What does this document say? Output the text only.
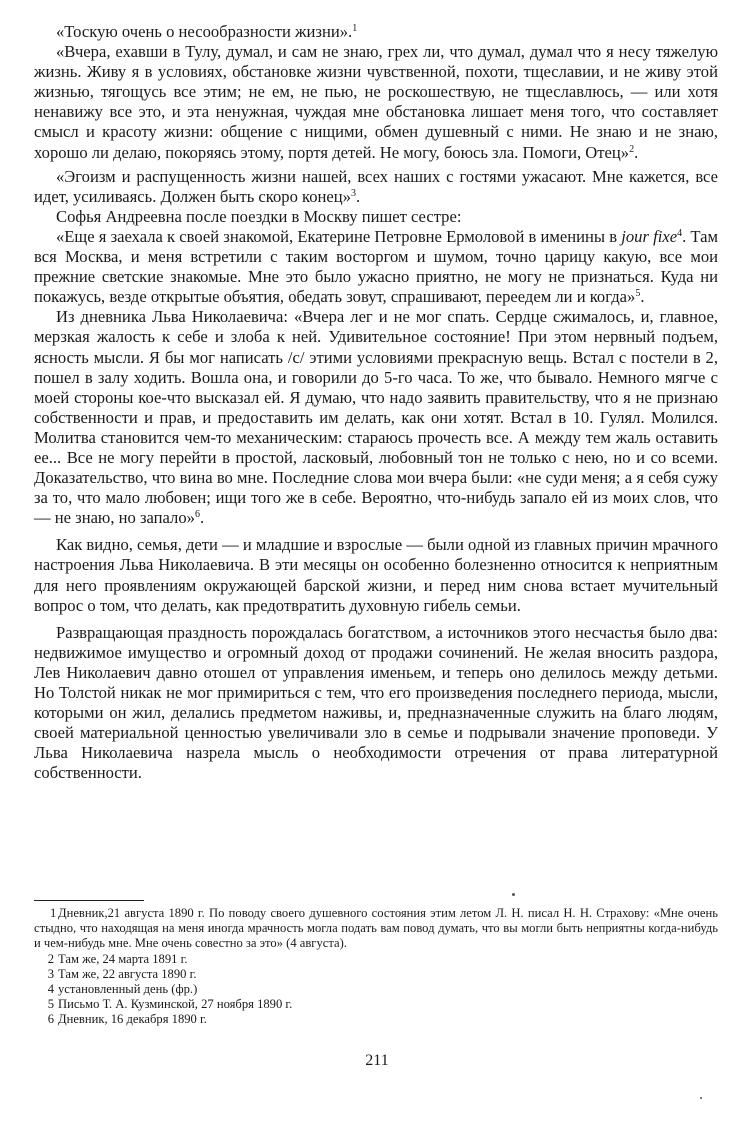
«Тоскую очень о несообразности жизни».$^1$

«Вчера, ехавши в Тулу, думал, и сам не знаю, грех ли, что думал, думал что я несу тяжелую жизнь. Живу я в условиях, обстановке жизни чувственной, похоти, тщеславии, и не живу этой жизнью, тягощусь все этим; не ем, не пью, не роскошествую, не тщеславлюсь, — или хотя ненавижу все это, и эта ненужная, чуждая мне обстановка лишает меня того, что составляет смысл и красоту жизни: общение с нищими, обмен душевный с ними. Не знаю и не знаю, хорошо ли делаю, покоряясь этому, портя детей. Не могу, боюсь зла. Помоги, Отец»$^2$.

«Эгоизм и распущенность жизни нашей, всех наших с гостями ужасают. Мне кажется, все идет, усиливаясь. Должен быть скоро конец»$^3$.

Софья Андреевна после поездки в Москву пишет сестре:

«Еще я заехала к своей знакомой, Екатерине Петровне Ермоловой в именины в jour fixe$^4$. Там вся Москва, и меня встретили с таким восторгом и шумом, точно царицу какую, все мои прежние светские знакомые. Мне это было ужасно приятно, не могу не признаться. Куда ни покажусь, везде открытые объятия, обедать зовут, спрашивают, переедем ли и когда»$^5$.

Из дневника Льва Николаевича: «Вчера лег и не мог спать. Сердце сжималось, и, главное, мерзкая жалость к себе и злоба к ней. Удивительное состояние! При этом нервный подъем, ясность мысли. Я бы мог написать /с/ этими условиями прекрасную вещь. Встал с постели в 2, пошел в залу ходить. Вошла она, и говорили до 5-го часа. То же, что бывало. Немного мягче с моей стороны кое-что высказал ей. Я думаю, что надо заявить правительству, что я не признаю собственности и прав, и предоставить им делать, как они хотят. Встал в 10. Гулял. Молился. Молитва становится чем-то механическим: стараюсь прочесть все. А между тем жаль оставить ее... Все не могу перейти в простой, ласковый, любовный тон не только с нею, но и со всеми. Доказательство, что вина во мне. Последние слова мои вчера были: «не суди меня; а я себя сужу за то, что мало любовен; ищи того же в себе. Вероятно, что-нибудь запало ей из моих слов, что — не знаю, но запало»$^6$.

Как видно, семья, дети — и младшие и взрослые — были одной из главных причин мрачного настроения Льва Николаевича. В эти месяцы он особенно болезненно относится к неприятным для него проявлениям окружающей барской жизни, и перед ним снова встает мучительный вопрос о том, что делать, как предотвратить духовную гибель семьи.

Развращающая праздность порождалась богатством, а источников этого несчастья было два: недвижимое имущество и огромный доход от продажи сочинений. Не желая вносить раздора, Лев Николаевич давно отошел от управления именьем, и теперь оно делилось между детьми. Но Толстой никак не мог примириться с тем, что его произведения последнего периода, мысли, которыми он жил, делались предметом наживы, и, предназначенные служить на благо людям, своей материальной ценностью увеличивали зло в семье и подрывали значение проповеди. У Льва Николаевича назрела мысль о необходимости отречения от права литературной собственности.

1 Дневник,21 августа 1890 г. По поводу своего душевного состояния этим летом Л. Н. писал Н. Н. Страхову: «Мне очень стыдно, что находящая на меня иногда мрачность могла подать вам повод думать, что вы могли быть неприятны когда-нибудь и чем-нибудь мне. Мне очень совестно за это» (4 августа).

2 Там же, 24 марта 1891 г.

3 Там же, 22 августа 1890 г.

4 установленный день (фр.)

5 Письмо Т. А. Кузминской, 27 ноября 1890 г.

6 Дневник, 16 декабря 1890 г.

211
